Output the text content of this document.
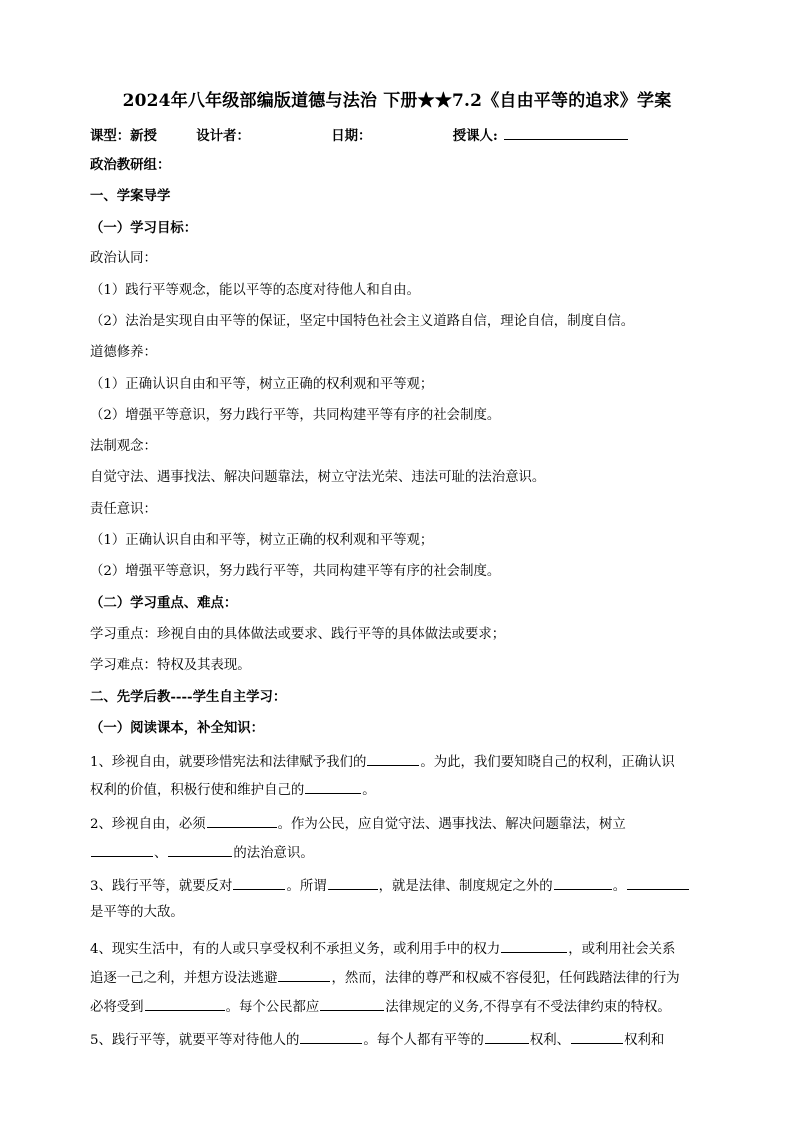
2024年八年级部编版道德与法治 下册★★7.2《自由平等的追求》学案
课型：新授	设计者：	日期：	授课人:
政治教研组：
一、学案导学
（一）学习目标：
政治认同：
（1）践行平等观念，能以平等的态度对待他人和自由。
（2）法治是实现自由平等的保证，坚定中国特色社会主义道路自信，理论自信，制度自信。
道德修养：
（1）正确认识自由和平等，树立正确的权利观和平等观；
（2）增强平等意识，努力践行平等，共同构建平等有序的社会制度。
法制观念：
自觉守法、遇事找法、解决问题靠法，树立守法光荣、违法可耻的法治意识。
责任意识：
（1）正确认识自由和平等，树立正确的权利观和平等观；
（2）增强平等意识，努力践行平等，共同构建平等有序的社会制度。
（二）学习重点、难点：
学习重点：珍视自由的具体做法或要求、践行平等的具体做法或要求；
学习难点：特权及其表现。
二、先学后教----学生自主学习：
（一）阅读课本，补全知识：
1、珍视自由，就要珍惜宪法和法律赋予我们的	。为此，我们要知晓自己的权利，正确认识
权利的价值，积极行使和维护自己的	。
2、珍视自由，必须	。作为公民，应自觉守法、遇事找法、解决问题靠法，树立
、	的法治意识。
3、践行平等，就要反对	。所谓	，就是法律、制度规定之外的	。
是平等的大敌。
4、现实生活中，有的人或只享受权利不承担义务，或利用手中的权力	，或利用社会关系
追逐一己之利，并想方设法逃避	，然而，法律的尊严和权威不容侵犯，任何践踏法律的行为
必将受到	。每个公民都应	法律规定的义务,不得享有不受法律约束的特权。
5、践行平等，就要平等对待他人的	。每个人都有平等的	权利、	权利和
